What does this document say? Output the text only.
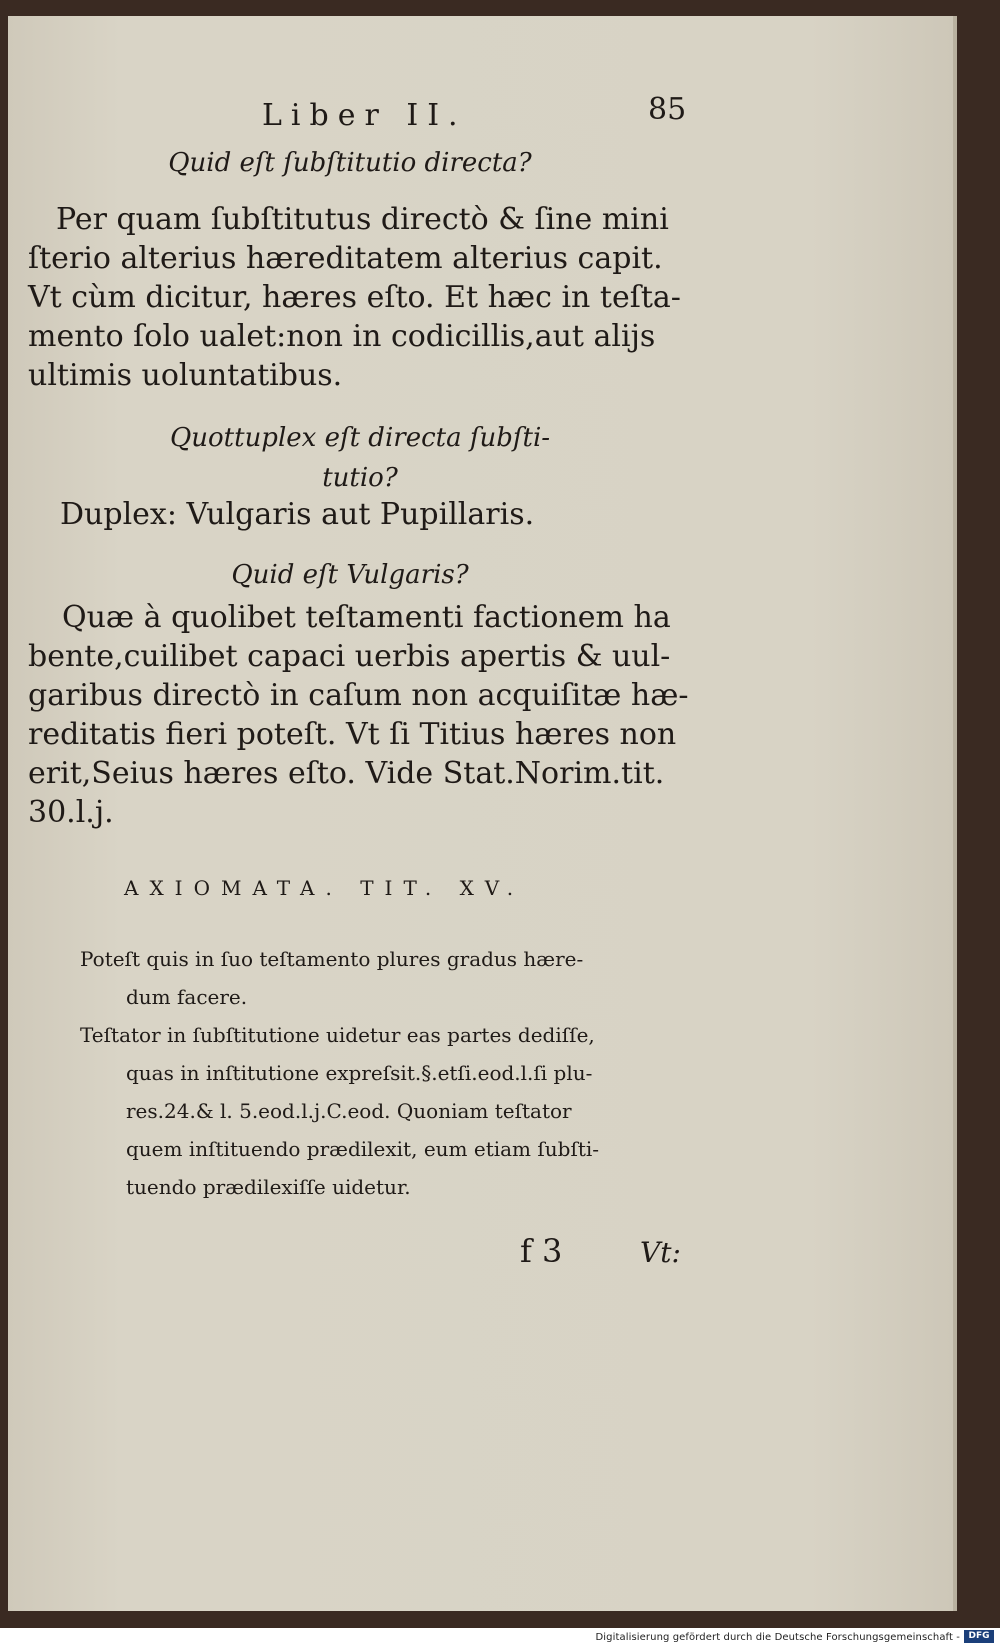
Liber II.	85
Quid eſt ſubſtitutio directa?
Per quam ſubſtitutus directò & ſine mini
ſterio alterius hæreditatem alterius capit.
Vt cùm dicitur, hæres eſto. Et hæc in teſta-
mento ſolo ualet:non in codicillis,aut alijs
ultimis uoluntatibus.
Quottuplex eſt directa ſubſti-
tutio?
Duplex: Vulgaris aut Pupillaris.
Quid eſt Vulgaris?
Quæ à quolibet teſtamenti factionem ha
bente,cuilibet capaci uerbis apertis & uul-
garibus directò in caſum non acquiſitæ hæ-
reditatis fieri poteſt. Vt ſi Titius hæres non
erit,Seius hæres eſto. Vide Stat.Norim.tit.
30.l.j.
AXIOMATA. TIT. XV.
Poteſt quis in ſuo teſtamento plures gradus hære-
dum facere.
Teſtator in ſubſtitutione uidetur eas partes dediſſe,
quas in inſtitutione expreſsit.§.etſi.eod.l.ſi plu-
res.24.& l. 5.eod.l.j.C.eod. Quoniam teſtator
quem inſtituendo prædilexit, eum etiam ſubſti-
tuendo prædilexiſſe uidetur.
f 3	Vt:
Digitalisierung gefördert durch die Deutsche Forschungsgemeinschaft - DFG
